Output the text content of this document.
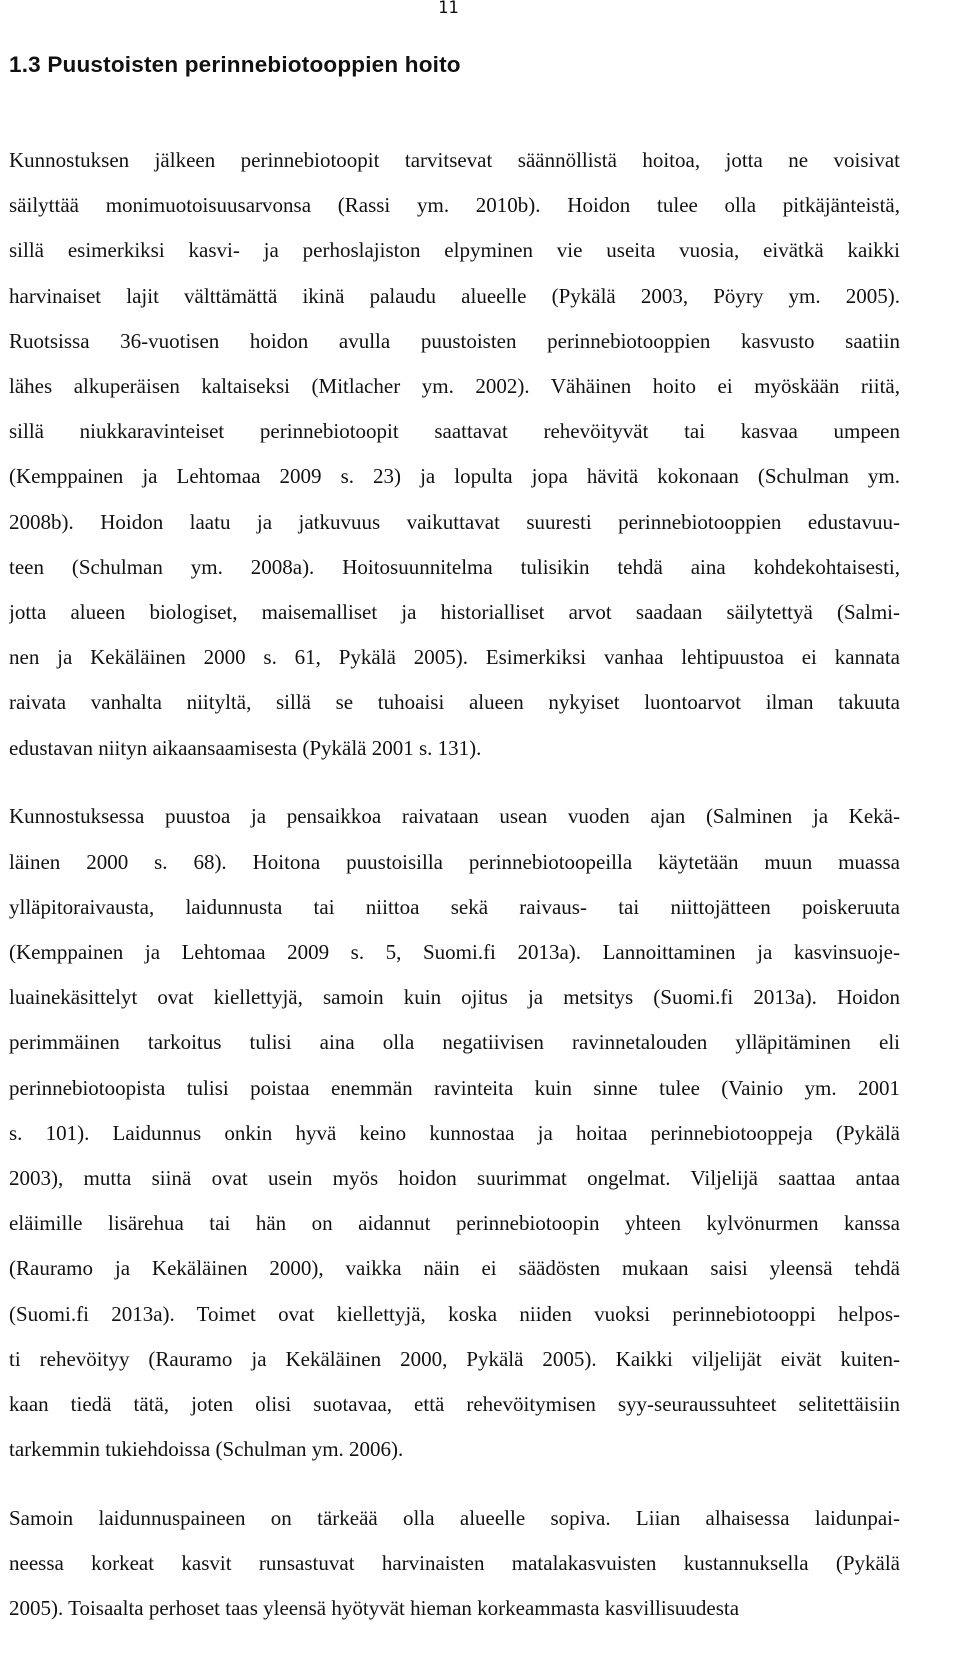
11
1.3 Puustoisten perinnebiotooppien hoito
Kunnostuksen jälkeen perinnebiotoopit tarvitsevat säännöllistä hoitoa, jotta ne voisivat
säilyttää monimuotoisuusarvonsa (Rassi ym. 2010b). Hoidon tulee olla pitkäjänteistä,
sillä esimerkiksi kasvi- ja perhoslajiston elpyminen vie useita vuosia, eivätkä kaikki
harvinaiset lajit välttämättä ikinä palaudu alueelle (Pykälä 2003, Pöyry ym. 2005).
Ruotsissa 36-vuotisen hoidon avulla puustoisten perinnebiotooppien kasvusto saatiin
lähes alkuperäisen kaltaiseksi (Mitlacher ym. 2002). Vähäinen hoito ei myöskään riitä,
sillä niukkaravinteiset perinnebiotoopit saattavat rehevöityvät tai kasvaa umpeen
(Kemppainen ja Lehtomaa 2009 s. 23) ja lopulta jopa hävitä kokonaan (Schulman ym.
2008b). Hoidon laatu ja jatkuvuus vaikuttavat suuresti perinnebiotooppien edustavuu-
teen (Schulman ym. 2008a). Hoitosuunnitelma tulisikin tehdä aina kohdekohtaisesti,
jotta alueen biologiset, maisemalliset ja historialliset arvot saadaan säilytettyä (Salmi-
nen ja Kekäläinen 2000 s. 61, Pykälä 2005). Esimerkiksi vanhaa lehtipuustoa ei kannata
raivata vanhalta niityltä, sillä se tuhoaisi alueen nykyiset luontoarvot ilman takuuta
edustavan niityn aikaansaamisesta (Pykälä 2001 s. 131).
Kunnostuksessa puustoa ja pensaikkoa raivataan usean vuoden ajan (Salminen ja Kekä-
läinen 2000 s. 68). Hoitona puustoisilla perinnebiotoopeilla käytetään muun muassa
ylläpitoraivausta, laidunnusta tai niittoa sekä raivaus- tai niittojätteen poiskeruuta
(Kemppainen ja Lehtomaa 2009 s. 5, Suomi.fi 2013a). Lannoittaminen ja kasvinsuoje-
luainekäsittelyt ovat kiellettyjä, samoin kuin ojitus ja metsitys (Suomi.fi 2013a). Hoidon
perimmäinen tarkoitus tulisi aina olla negatiivisen ravinnetalouden ylläpitäminen eli
perinnebiotoopista tulisi poistaa enemmän ravinteita kuin sinne tulee (Vainio ym. 2001
s. 101). Laidunnus onkin hyvä keino kunnostaa ja hoitaa perinnebiotooppeja (Pykälä
2003), mutta siinä ovat usein myös hoidon suurimmat ongelmat. Viljelijä saattaa antaa
eläimille lisärehua tai hän on aidannut perinnebiotoopin yhteen kylvönurmen kanssa
(Rauramo ja Kekäläinen 2000), vaikka näin ei säädösten mukaan saisi yleensä tehdä
(Suomi.fi 2013a). Toimet ovat kiellettyjä, koska niiden vuoksi perinnebiotooppi helpos-
ti rehevöityy (Rauramo ja Kekäläinen 2000, Pykälä 2005). Kaikki viljelijät eivät kuiten-
kaan tiedä tätä, joten olisi suotavaa, että rehevöitymisen syy-seuraussuhteet selitettäisiin
tarkemmin tukiehdoissa (Schulman ym. 2006).
Samoin laidunnuspaineen on tärkeää olla alueelle sopiva. Liian alhaisessa laidunpai-
neessa korkeat kasvit runsastuvat harvinaisten matalakasvuisten kustannuksella (Pykälä
2005). Toisaalta perhoset taas yleensä hyötyvät hieman korkeammasta kasvillisuudesta
